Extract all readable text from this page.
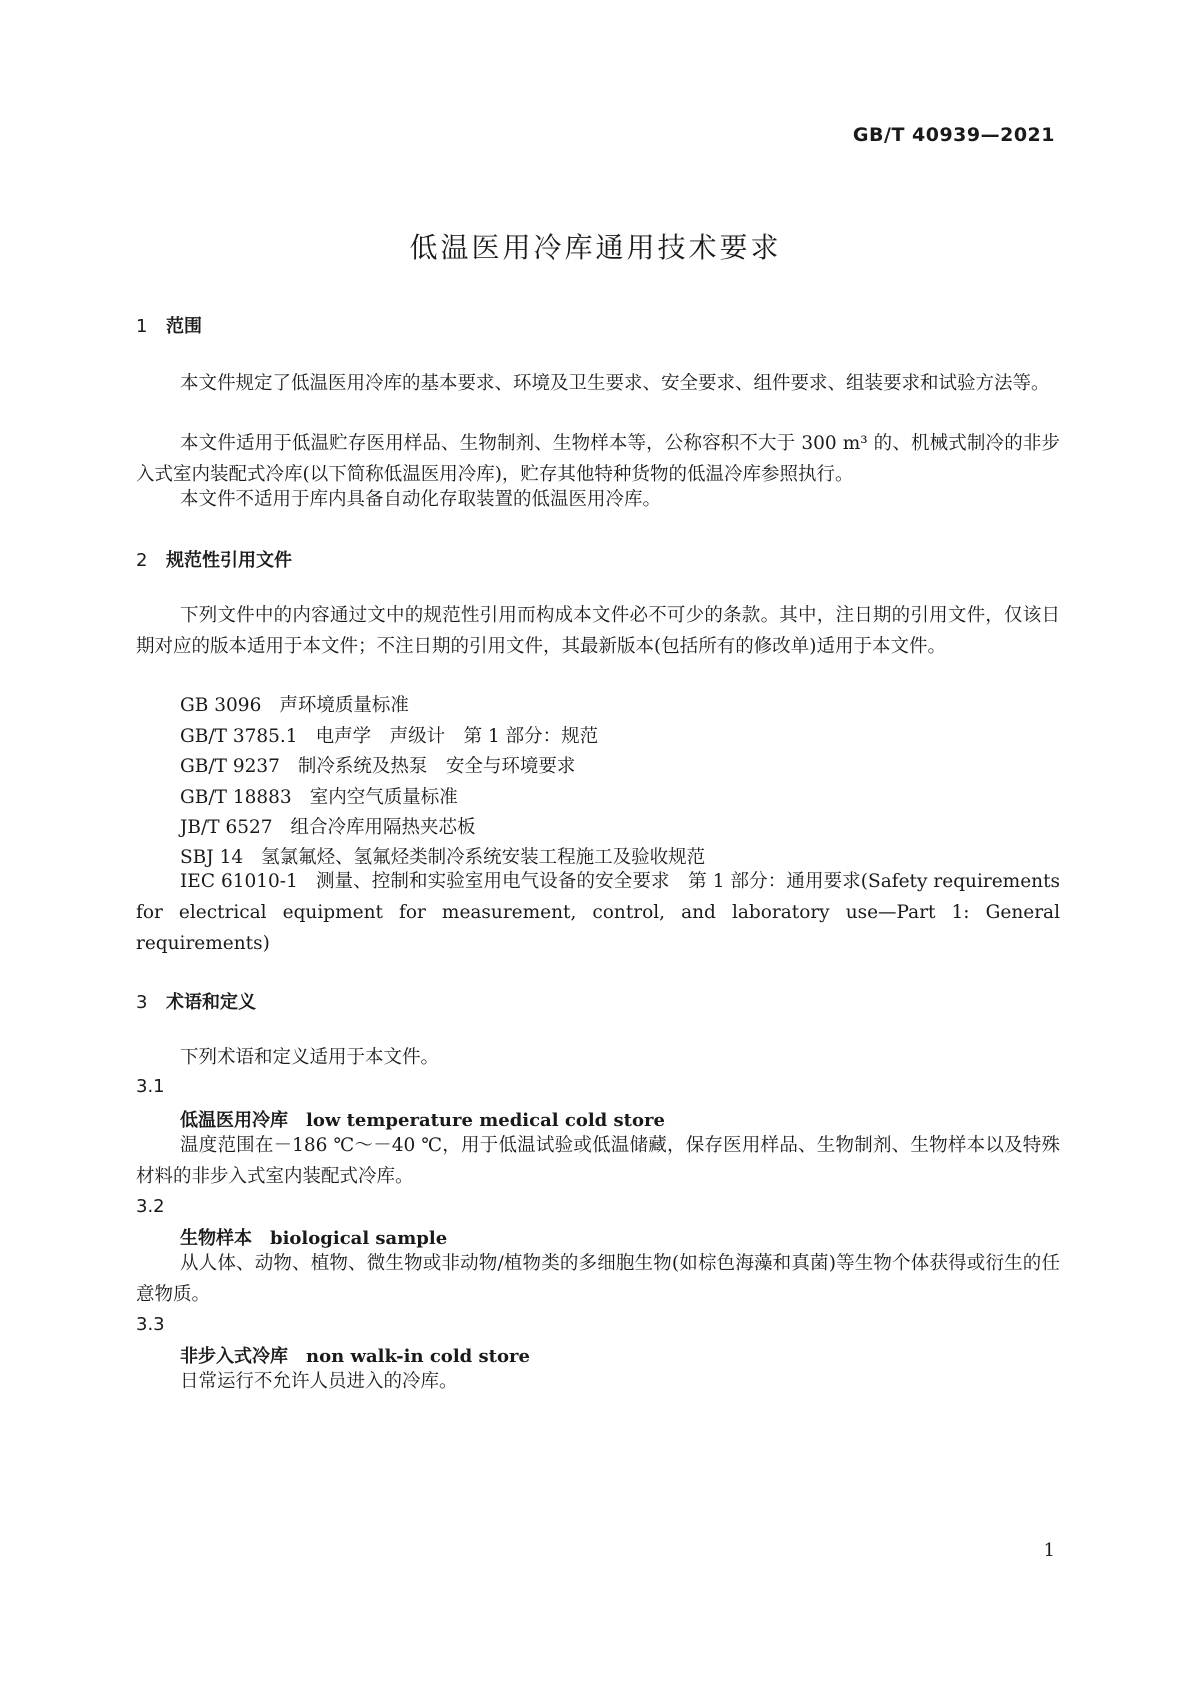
GB/T 40939—2021
低温医用冷库通用技术要求
1 范围
本文件规定了低温医用冷库的基本要求、环境及卫生要求、安全要求、组件要求、组装要求和试验方法等。
本文件适用于低温贮存医用样品、生物制剂、生物样本等，公称容积不大于 300 m³ 的、机械式制冷的非步入式室内装配式冷库(以下简称低温医用冷库)，贮存其他特种货物的低温冷库参照执行。
本文件不适用于库内具备自动化存取装置的低温医用冷库。
2 规范性引用文件
下列文件中的内容通过文中的规范性引用而构成本文件必不可少的条款。其中，注日期的引用文件，仅该日期对应的版本适用于本文件；不注日期的引用文件，其最新版本(包括所有的修改单)适用于本文件。
GB 3096 声环境质量标准
GB/T 3785.1 电声学　声级计　第 1 部分：规范
GB/T 9237 制冷系统及热泵　安全与环境要求
GB/T 18883 室内空气质量标准
JB/T 6527 组合冷库用隔热夹芯板
SBJ 14 氢氯氟烃、氢氟烃类制冷系统安装工程施工及验收规范
IEC 61010-1 测量、控制和实验室用电气设备的安全要求　第 1 部分：通用要求(Safety requirements for electrical equipment for measurement, control, and laboratory use—Part 1: General requirements)
3 术语和定义
下列术语和定义适用于本文件。
3.1
低温医用冷库 low temperature medical cold store
温度范围在－186 ℃～－40 ℃，用于低温试验或低温储藏，保存医用样品、生物制剂、生物样本以及特殊材料的非步入式室内装配式冷库。
3.2
生物样本 biological sample
从人体、动物、植物、微生物或非动物/植物类的多细胞生物(如棕色海藻和真菌)等生物个体获得或衍生的任意物质。
3.3
非步入式冷库 non walk-in cold store
日常运行不允许人员进入的冷库。
1
